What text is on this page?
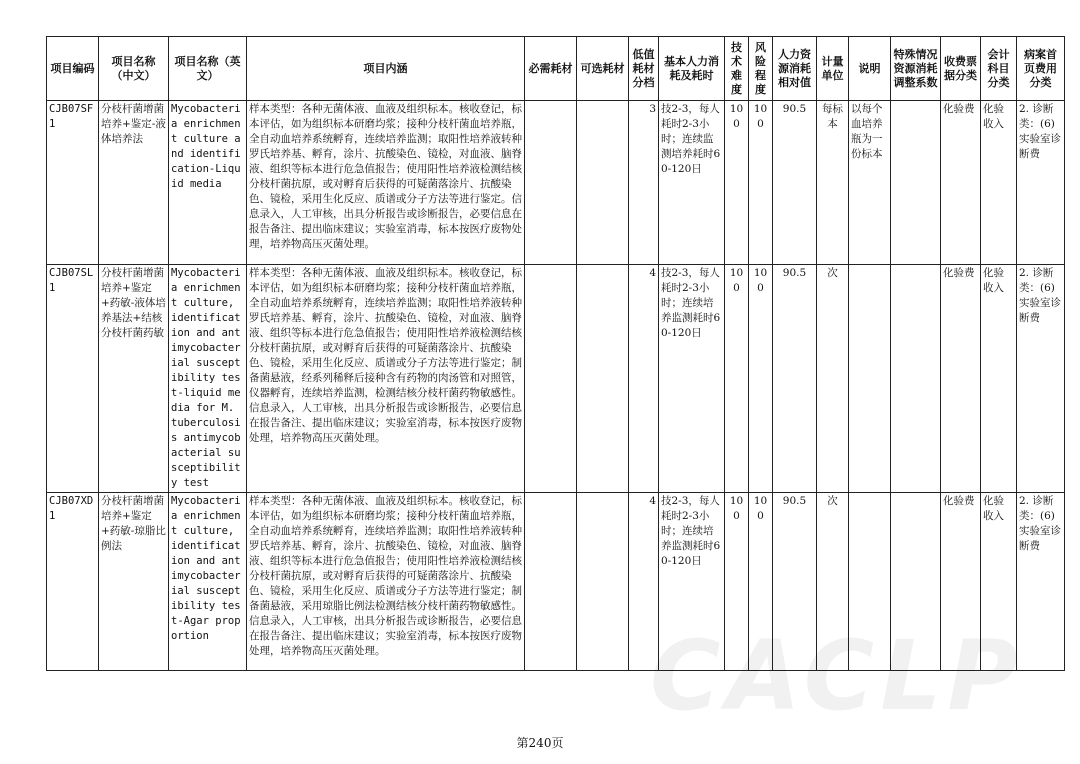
项目编码	项目名称（中文）	项目名称（英文）	项目内涵	必需耗材	可选耗材	低值耗材分档	基本人力消耗及耗时	技术难度	风险程度	人力资源消耗相对值	计量单位	说明	特殊情况资源消耗调整系数	收费票据分类	会计科目分类	病案首页费用分类
CJB07SF1	分枝杆菌增菌培养+鉴定-液体培养法	Mycobacteria enrichment culture and identification-Liquid media	样本类型：各种无菌体液、血液及组织标本。核收登记，标本评估，如为组织标本研磨均浆；接种分枝杆菌血培养瓶，全自动血培养系统孵育，连续培养监测；取阳性培养液转种罗氏培养基、孵育，涂片、抗酸染色、镜检，对血液、脑脊液、组织等标本进行危急值报告；使用阳性培养液检测结核分枝杆菌抗原，或对孵育后获得的可疑菌落涂片、抗酸染色、镜检，采用生化反应、质谱或分子方法等进行鉴定。信息录入，人工审核，出具分析报告或诊断报告，必要信息在报告备注、提出临床建议；实验室消毒，标本按医疗废物处理，培养物高压灭菌处理。			3	技2-3，每人耗时2-3小时；连续监测培养耗时60-120日	100	100	90.5	每标本	以每个血培养瓶为一份标本		化验费	化验收入	2. 诊断类：(6)实验室诊断费
CJB07SL1	分枝杆菌增菌培养+鉴定+药敏-液体培养基法+结核分枝杆菌药敏	Mycobacteria enrichment culture, identification and antimycobacterial susceptibility test-liquid media for M. tuberculosis antimycobacterial susceptibility test	样本类型：各种无菌体液、血液及组织标本。核收登记，标本评估，如为组织标本研磨均浆；接种分枝杆菌血培养瓶，全自动血培养系统孵育，连续培养监测；取阳性培养液转种罗氏培养基、孵育，涂片、抗酸染色、镜检，对血液、脑脊液、组织等标本进行危急值报告；使用阳性培养液检测结核分枝杆菌抗原，或对孵育后获得的可疑菌落涂片、抗酸染色、镜检，采用生化反应、质谱或分子方法等进行鉴定；制备菌悬液，经系列稀释后接种含有药物的肉汤管和对照管，仪器孵育，连续培养监测，检测结核分枝杆菌药物敏感性。信息录入，人工审核，出具分析报告或诊断报告，必要信息在报告备注、提出临床建议；实验室消毒，标本按医疗废物处理，培养物高压灭菌处理。			4	技2-3，每人耗时2-3小时；连续培养监测耗时60-120日	100	100	90.5	次			化验费	化验收入	2. 诊断类：(6)实验室诊断费
CJB07XD1	分枝杆菌增菌培养+鉴定+药敏-琼脂比例法	Mycobacteria enrichment culture, identification and antimycobacterial susceptibility test-Agar proportion	样本类型：各种无菌体液、血液及组织标本。核收登记，标本评估，如为组织标本研磨均浆；接种分枝杆菌血培养瓶，全自动血培养系统孵育，连续培养监测；取阳性培养液转种罗氏培养基、孵育，涂片、抗酸染色、镜检，对血液、脑脊液、组织等标本进行危急值报告；使用阳性培养液检测结核分枝杆菌抗原，或对孵育后获得的可疑菌落涂片、抗酸染色、镜检，采用生化反应、质谱或分子方法等进行鉴定；制备菌悬液，采用琼脂比例法检测结核分枝杆菌药物敏感性。信息录入，人工审核，出具分析报告或诊断报告，必要信息在报告备注、提出临床建议；实验室消毒，标本按医疗废物处理，培养物高压灭菌处理。			4	技2-3，每人耗时2-3小时；连续培养监测耗时60-120日	100	100	90.5	次			化验费	化验收入	2. 诊断类：(6)实验室诊断费
CACLP
第240页
